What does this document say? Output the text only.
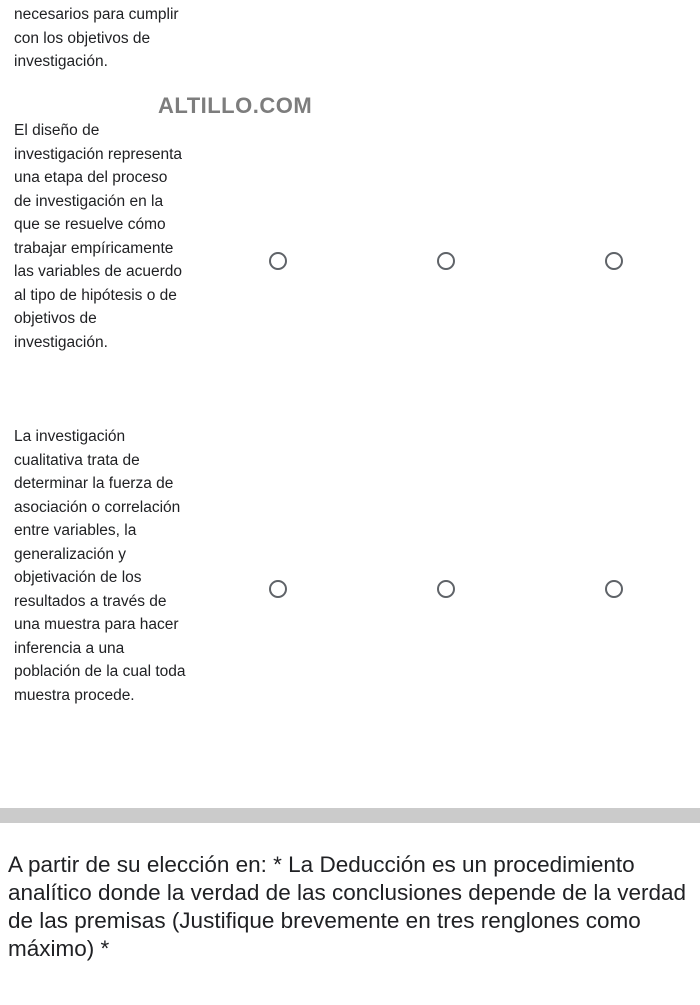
necesarios para cumplir con los objetivos de investigación.

El diseño de investigación representa una etapa del proceso de investigación en la que se resuelve cómo trabajar empíricamente las variables de acuerdo al tipo de hipótesis o de objetivos de investigación.

La investigación cualitativa trata de determinar la fuerza de asociación o correlación entre variables, la generalización y objetivación de los resultados a través de una muestra para hacer inferencia a una población de la cual toda muestra procede.

ALTILLO.COM
A partir de su elección en: * La Deducción es un procedimiento analítico donde la verdad de las conclusiones depende de la verdad de las premisas (Justifique brevemente en tres renglones como máximo) *
